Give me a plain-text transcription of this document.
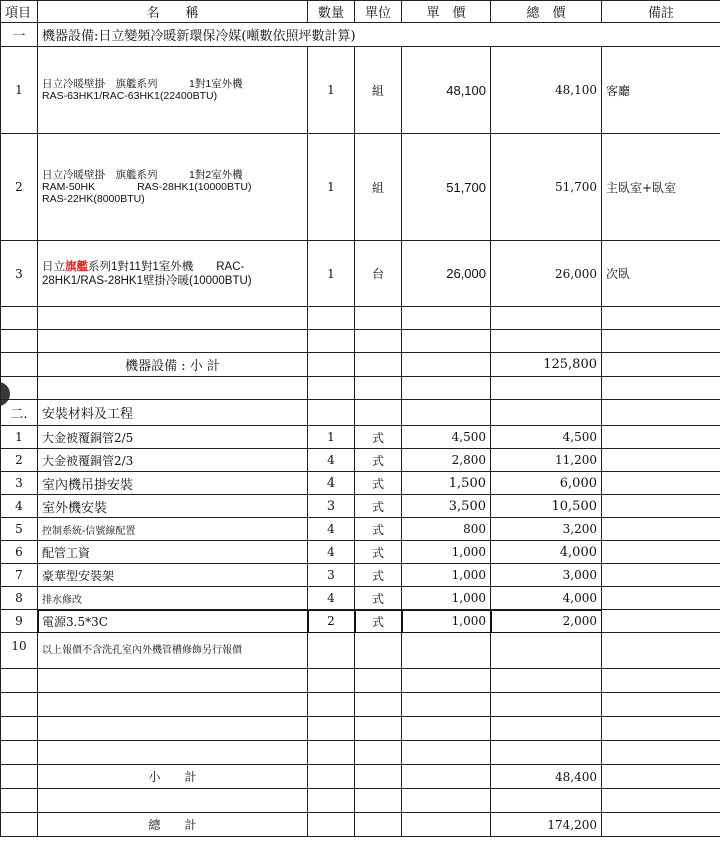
項目	名　　稱	數量	單位	單　價	總　價	備註
一	機器設備:日立變頻冷暖新環保冷媒(噸數依照坪數計算)					
1	日立冷暖壁掛　旗艦系列　　　1對1室外機
RAS-63HK1/RAC-63HK1(22400BTU)	1	組	48,100	48,100	客廳
2	日立冷暖壁掛　旗艦系列　　　1對2室外機
RAM-50HK　　　　RAS-28HK1(10000BTU)
RAS-22HK(8000BTU)	1	組	51,700	51,700	主臥室+臥室
3	日立旗艦系列1對11對1室外機　　RAC-
28HK1/RAS-28HK1壁掛冷暖(10000BTU)	1	台	26,000	26,000	次臥

	機器設備 : 小 計				125,800	

二.	安裝材料及工程					
1	大金被覆銅管2/5	1	式	4,500	4,500	
2	大金被覆銅管2/3	4	式	2,800	11,200	
3	室內機吊掛安裝	4	式	1,500	6,000	
4	室外機安裝	3	式	3,500	10,500	
5	控制系統-信號線配置	4	式	800	3,200	
6	配管工資	4	式	1,000	4,000	
7	豪華型安裝架	3	式	1,000	3,000	
8	排水修改	4	式	1,000	4,000	
9	電源3.5*3C	2	式	1,000	2,000	
10	以上報價不含洗孔室內外機管槽修飾另行報價					

	小　　計				48,400	

	總　　計				174,200	
